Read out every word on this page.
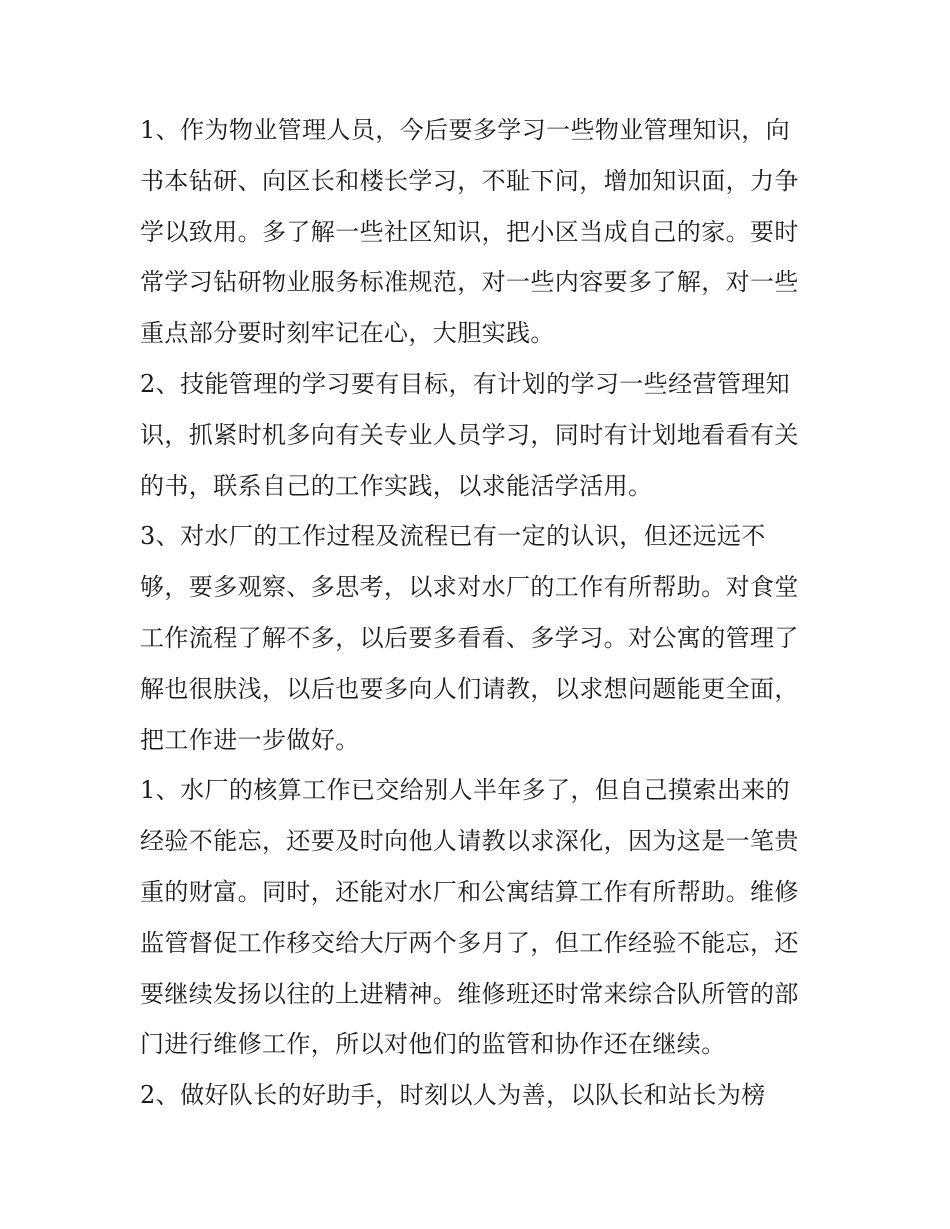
1、作为物业管理人员，今后要多学习一些物业管理知识，向
书本钻研、向区长和楼长学习，不耻下问，增加知识面，力争
学以致用。多了解一些社区知识，把小区当成自己的家。要时
常学习钻研物业服务标准规范，对一些内容要多了解，对一些
重点部分要时刻牢记在心，大胆实践。
2、技能管理的学习要有目标，有计划的学习一些经营管理知
识，抓紧时机多向有关专业人员学习，同时有计划地看看有关
的书，联系自己的工作实践，以求能活学活用。
3、对水厂的工作过程及流程已有一定的认识，但还远远不
够，要多观察、多思考，以求对水厂的工作有所帮助。对食堂
工作流程了解不多，以后要多看看、多学习。对公寓的管理了
解也很肤浅，以后也要多向人们请教，以求想问题能更全面，
把工作进一步做好。
1、水厂的核算工作已交给别人半年多了，但自己摸索出来的
经验不能忘，还要及时向他人请教以求深化，因为这是一笔贵
重的财富。同时，还能对水厂和公寓结算工作有所帮助。维修
监管督促工作移交给大厅两个多月了，但工作经验不能忘，还
要继续发扬以往的上进精神。维修班还时常来综合队所管的部
门进行维修工作，所以对他们的监管和协作还在继续。
2、做好队长的好助手，时刻以人为善，以队长和站长为榜
